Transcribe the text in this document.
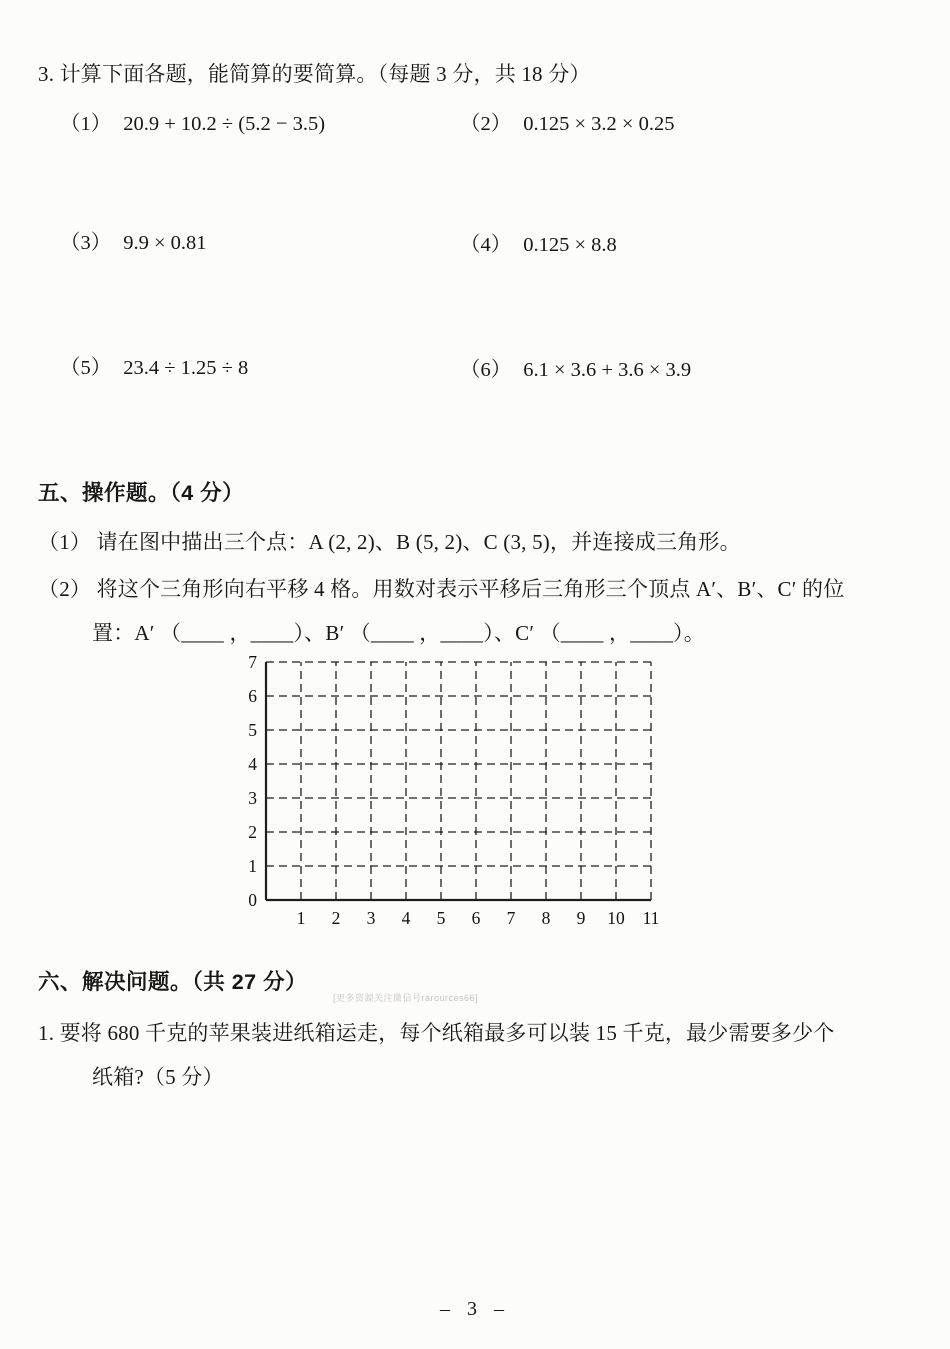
3. 计算下面各题，能简算的要简算。（每题 3 分，共 18 分）
（1） 20.9 + 10.2 ÷ (5.2 − 3.5)	（2） 0.125 × 3.2 × 0.25
（3） 9.9 × 0.81	（4） 0.125 × 8.8
（5） 23.4 ÷ 1.25 ÷ 8	（6） 6.1 × 3.6 + 3.6 × 3.9
五、操作题。（4 分）
（1） 请在图中描出三个点：A (2, 2)、B (5, 2)、C (3, 5)，并连接成三角形。
（2） 将这个三角形向右平移 4 格。用数对表示平移后三角形三个顶点 A′、B′、C′ 的位
置：A′ （____ ，____）、B′ （____ ，____）、C′ （____ ，____）。
0
1
2
3
4
5
6
7
1 2 3 4 5 6 7 8 9 10 11
六、解决问题。（共 27 分）
[更多资源关注微信号rarources66]
1. 要将 680 千克的苹果装进纸箱运走，每个纸箱最多可以装 15 千克，最少需要多少个
纸箱?（5 分）
– 3 –
